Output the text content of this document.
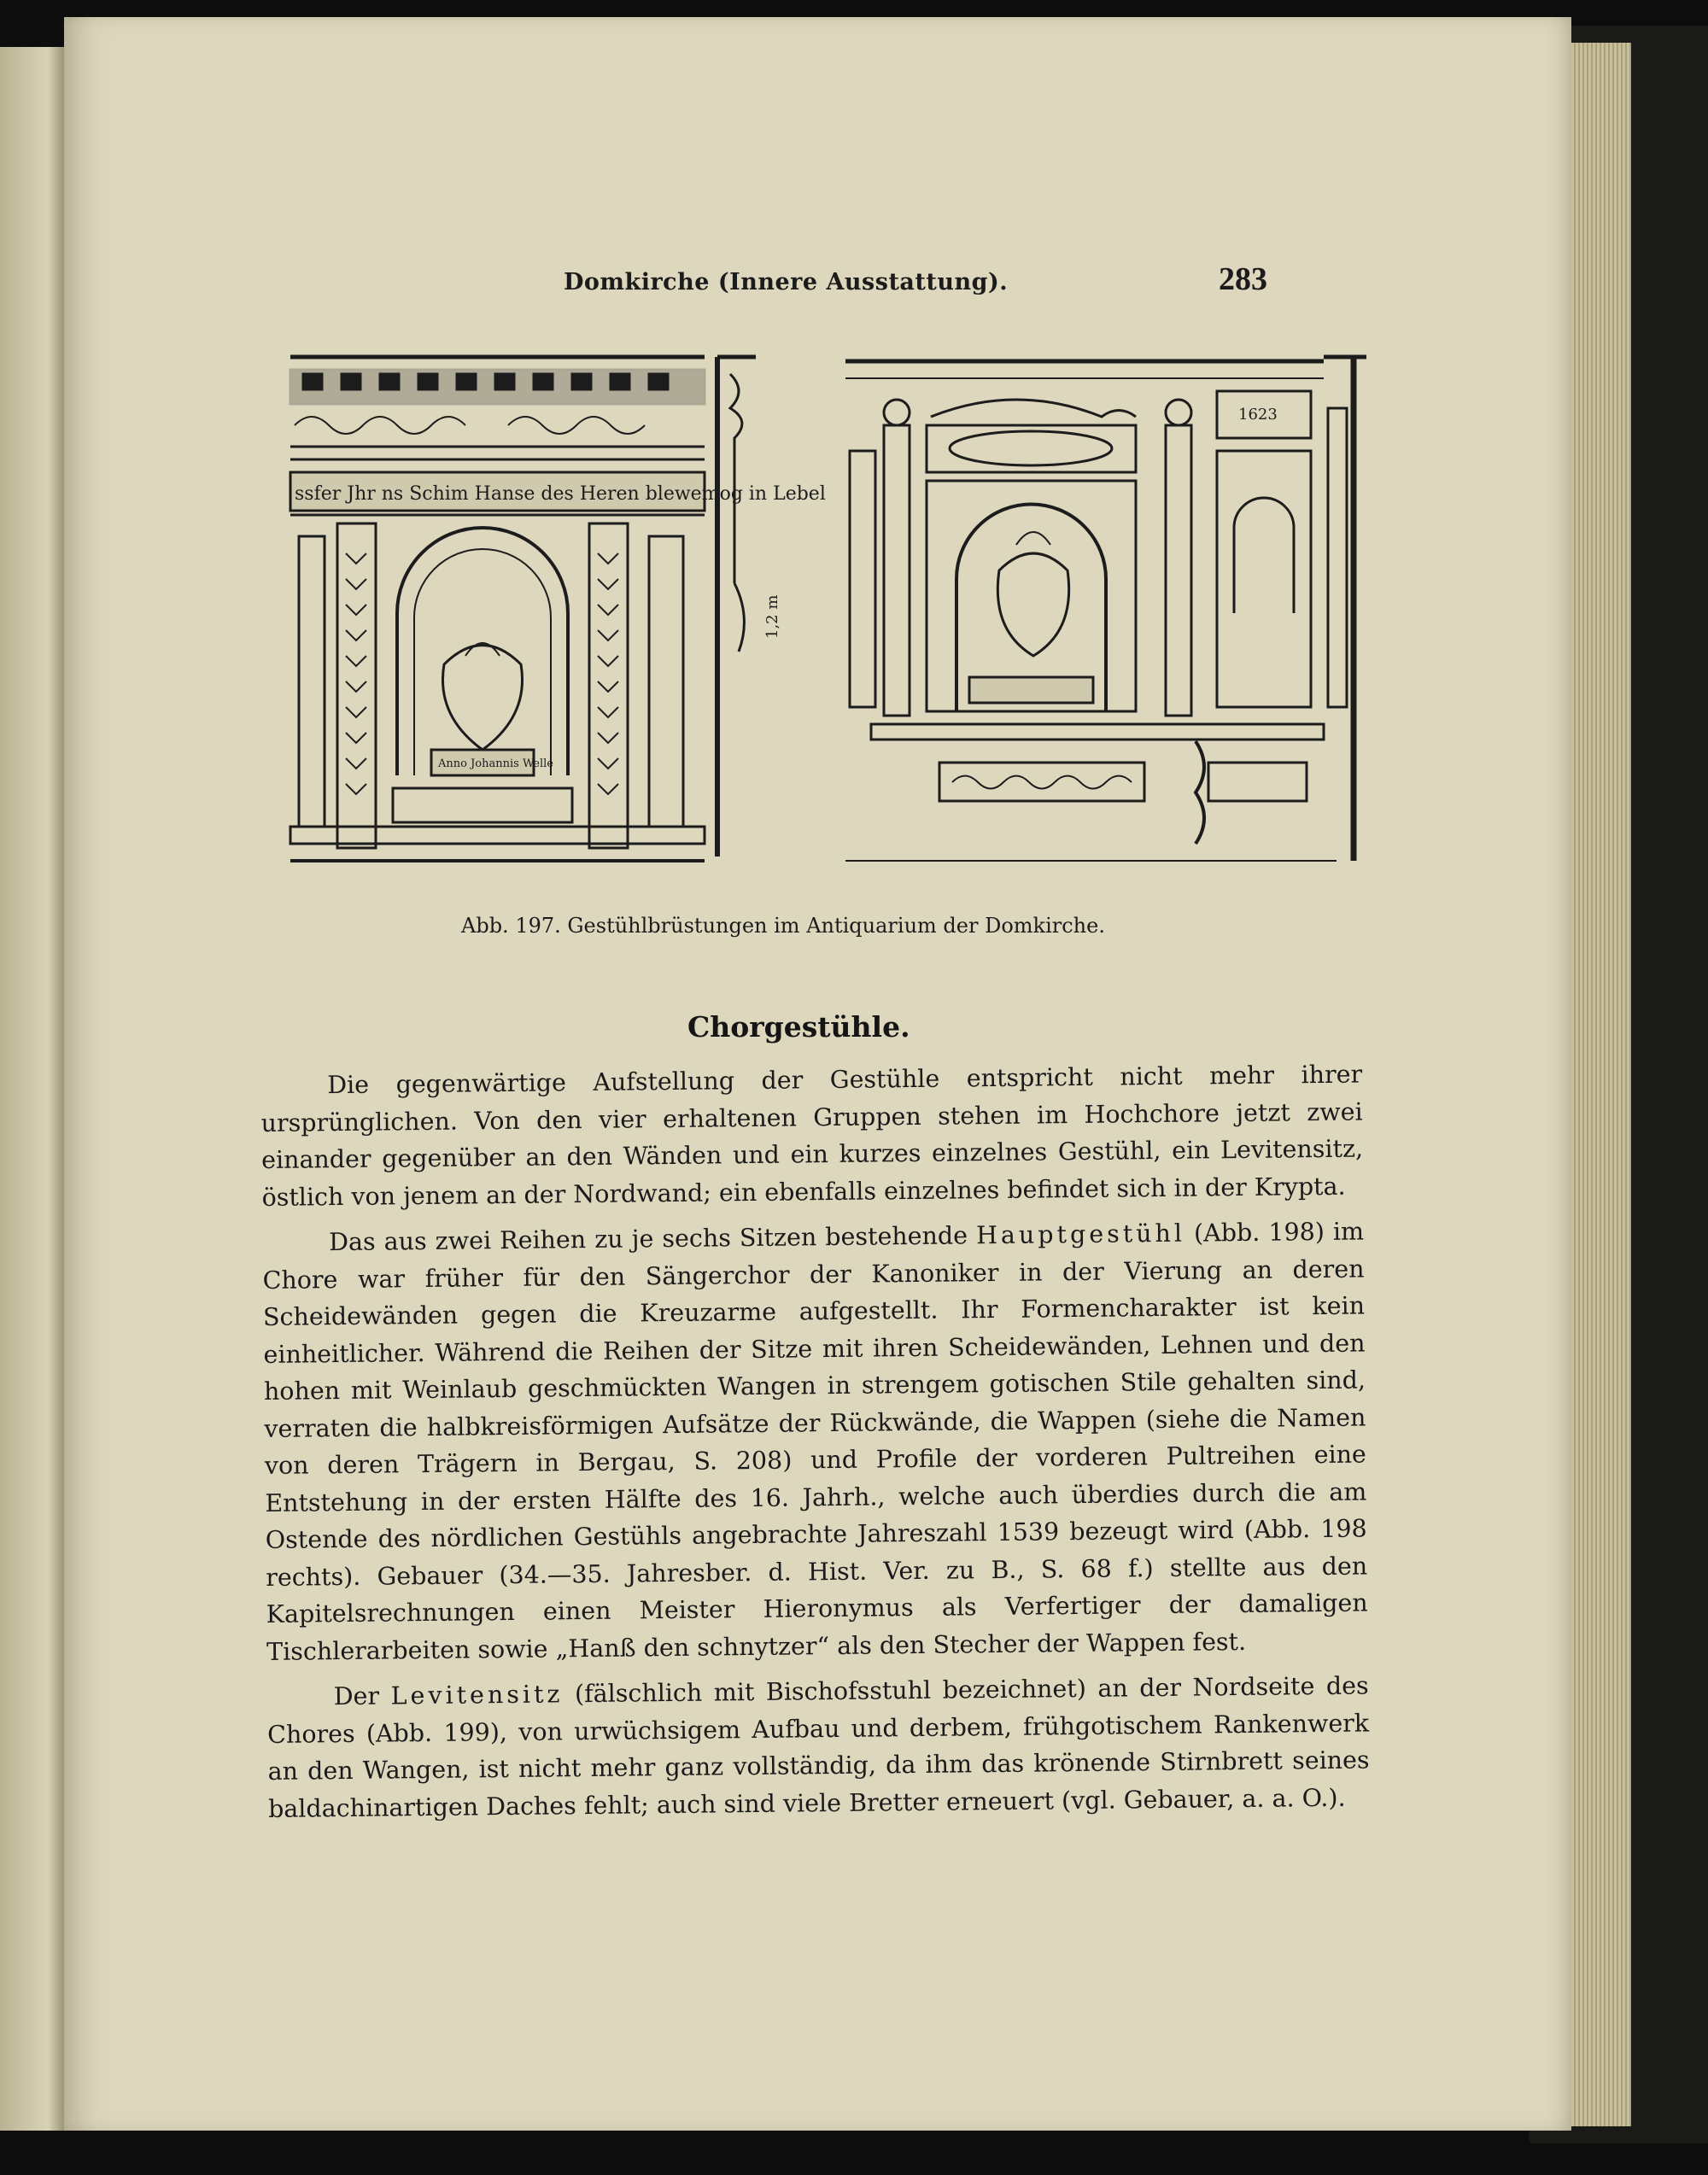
Domkirche (Innere Ausstattung).	283
ssfer Jhr ns Schim Hanse des Heren blewemog in Lebel
Anno Johannis Welle
1,2 m
1623
Abb. 197. Gestühlbrüstungen im Antiquarium der Domkirche.
Chorgestühle.

Die gegenwärtige Aufstellung der Gestühle entspricht nicht mehr ihrer ursprünglichen. Von den vier erhaltenen Gruppen stehen im Hochchore jetzt zwei einander gegenüber an den Wänden und ein kurzes einzelnes Gestühl, ein Levitensitz, östlich von jenem an der Nordwand; ein ebenfalls einzelnes befindet sich in der Krypta.

Das aus zwei Reihen zu je sechs Sitzen bestehende Hauptgestühl (Abb. 198) im Chore war früher für den Sängerchor der Kanoniker in der Vierung an deren Scheidewänden gegen die Kreuzarme aufgestellt. Ihr Formencharakter ist kein einheitlicher. Während die Reihen der Sitze mit ihren Scheidewänden, Lehnen und den hohen mit Weinlaub geschmückten Wangen in strengem gotischen Stile gehalten sind, verraten die halbkreisförmigen Aufsätze der Rückwände, die Wappen (siehe die Namen von deren Trägern in Bergau, S. 208) und Profile der vorderen Pultreihen eine Entstehung in der ersten Hälfte des 16. Jahrh., welche auch überdies durch die am Ostende des nördlichen Gestühls angebrachte Jahreszahl 1539 bezeugt wird (Abb. 198 rechts). Gebauer (34.—35. Jahresber. d. Hist. Ver. zu B., S. 68 f.) stellte aus den Kapitelsrechnungen einen Meister Hieronymus als Verfertiger der damaligen Tischlerarbeiten sowie „Hanß den schnytzer“ als den Stecher der Wappen fest.

Der Levitensitz (fälschlich mit Bischofsstuhl bezeichnet) an der Nordseite des Chores (Abb. 199), von urwüchsigem Aufbau und derbem, frühgotischem Rankenwerk an den Wangen, ist nicht mehr ganz vollständig, da ihm das krönende Stirnbrett seines baldachinartigen Daches fehlt; auch sind viele Bretter erneuert (vgl. Gebauer, a. a. O.).
